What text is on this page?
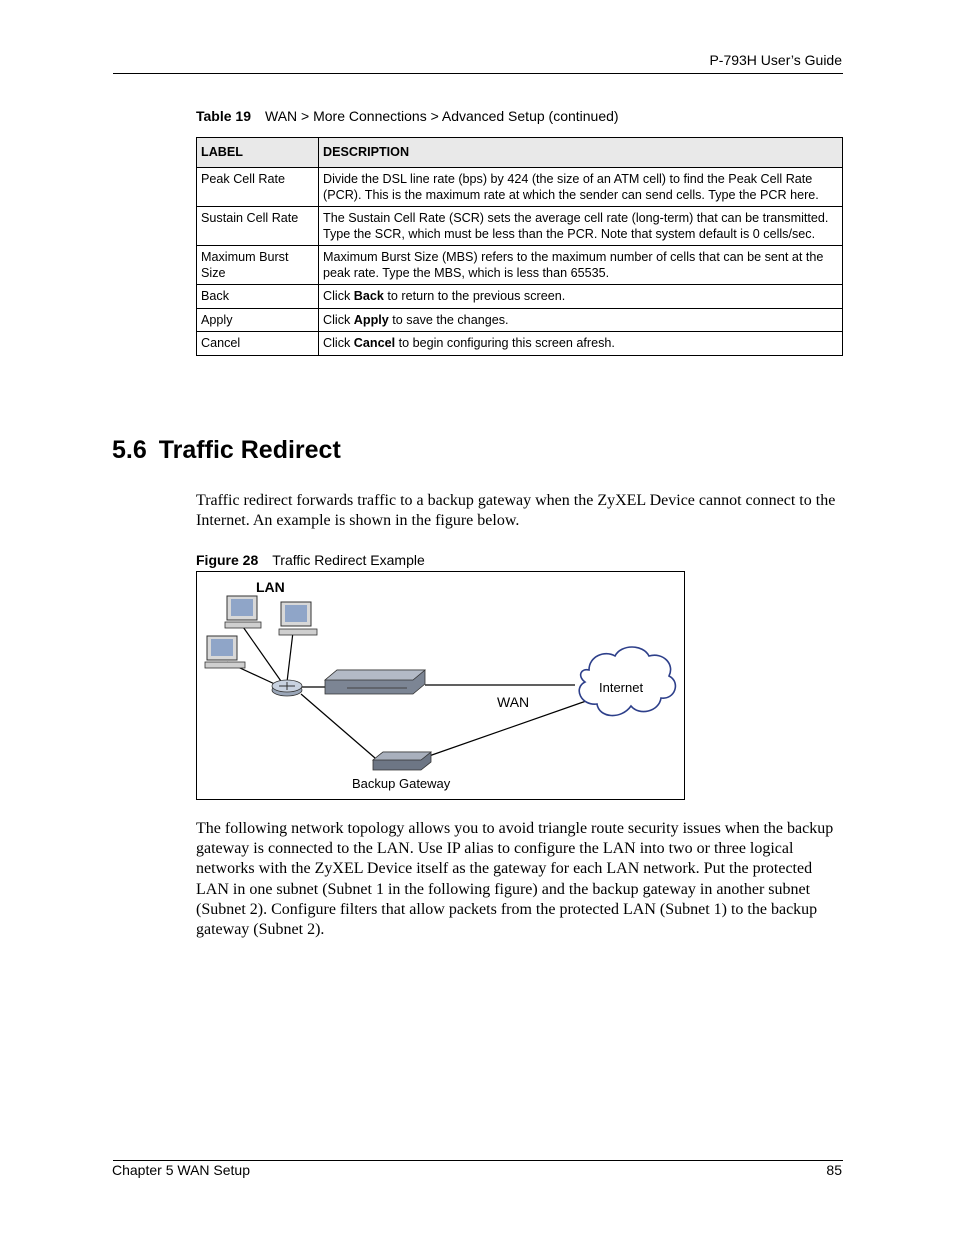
P-793H User’s Guide
Table 19 WAN > More Connections > Advanced Setup (continued)
LABEL	DESCRIPTION
Peak Cell Rate	Divide the DSL line rate (bps) by 424 (the size of an ATM cell) to find the Peak Cell Rate (PCR). This is the maximum rate at which the sender can send cells. Type the PCR here.
Sustain Cell Rate	The Sustain Cell Rate (SCR) sets the average cell rate (long-term) that can be transmitted. Type the SCR, which must be less than the PCR. Note that system default is 0 cells/sec.
Maximum Burst Size	Maximum Burst Size (MBS) refers to the maximum number of cells that can be sent at the peak rate. Type the MBS, which is less than 65535.
Back	Click Back to return to the previous screen.
Apply	Click Apply to save the changes.
Cancel	Click Cancel to begin configuring this screen afresh.
5.6 Traffic Redirect
Traffic redirect forwards traffic to a backup gateway when the ZyXEL Device cannot connect to the Internet. An example is shown in the figure below.
Figure 28 Traffic Redirect Example
LAN
WAN
Internet
Backup Gateway
The following network topology allows you to avoid triangle route security issues when the backup gateway is connected to the LAN. Use IP alias to configure the LAN into two or three logical networks with the ZyXEL Device itself as the gateway for each LAN network. Put the protected LAN in one subnet (Subnet 1 in the following figure) and the backup gateway in another subnet (Subnet 2). Configure filters that allow packets from the protected LAN (Subnet 1) to the backup gateway (Subnet 2).
Chapter 5 WAN Setup	85
